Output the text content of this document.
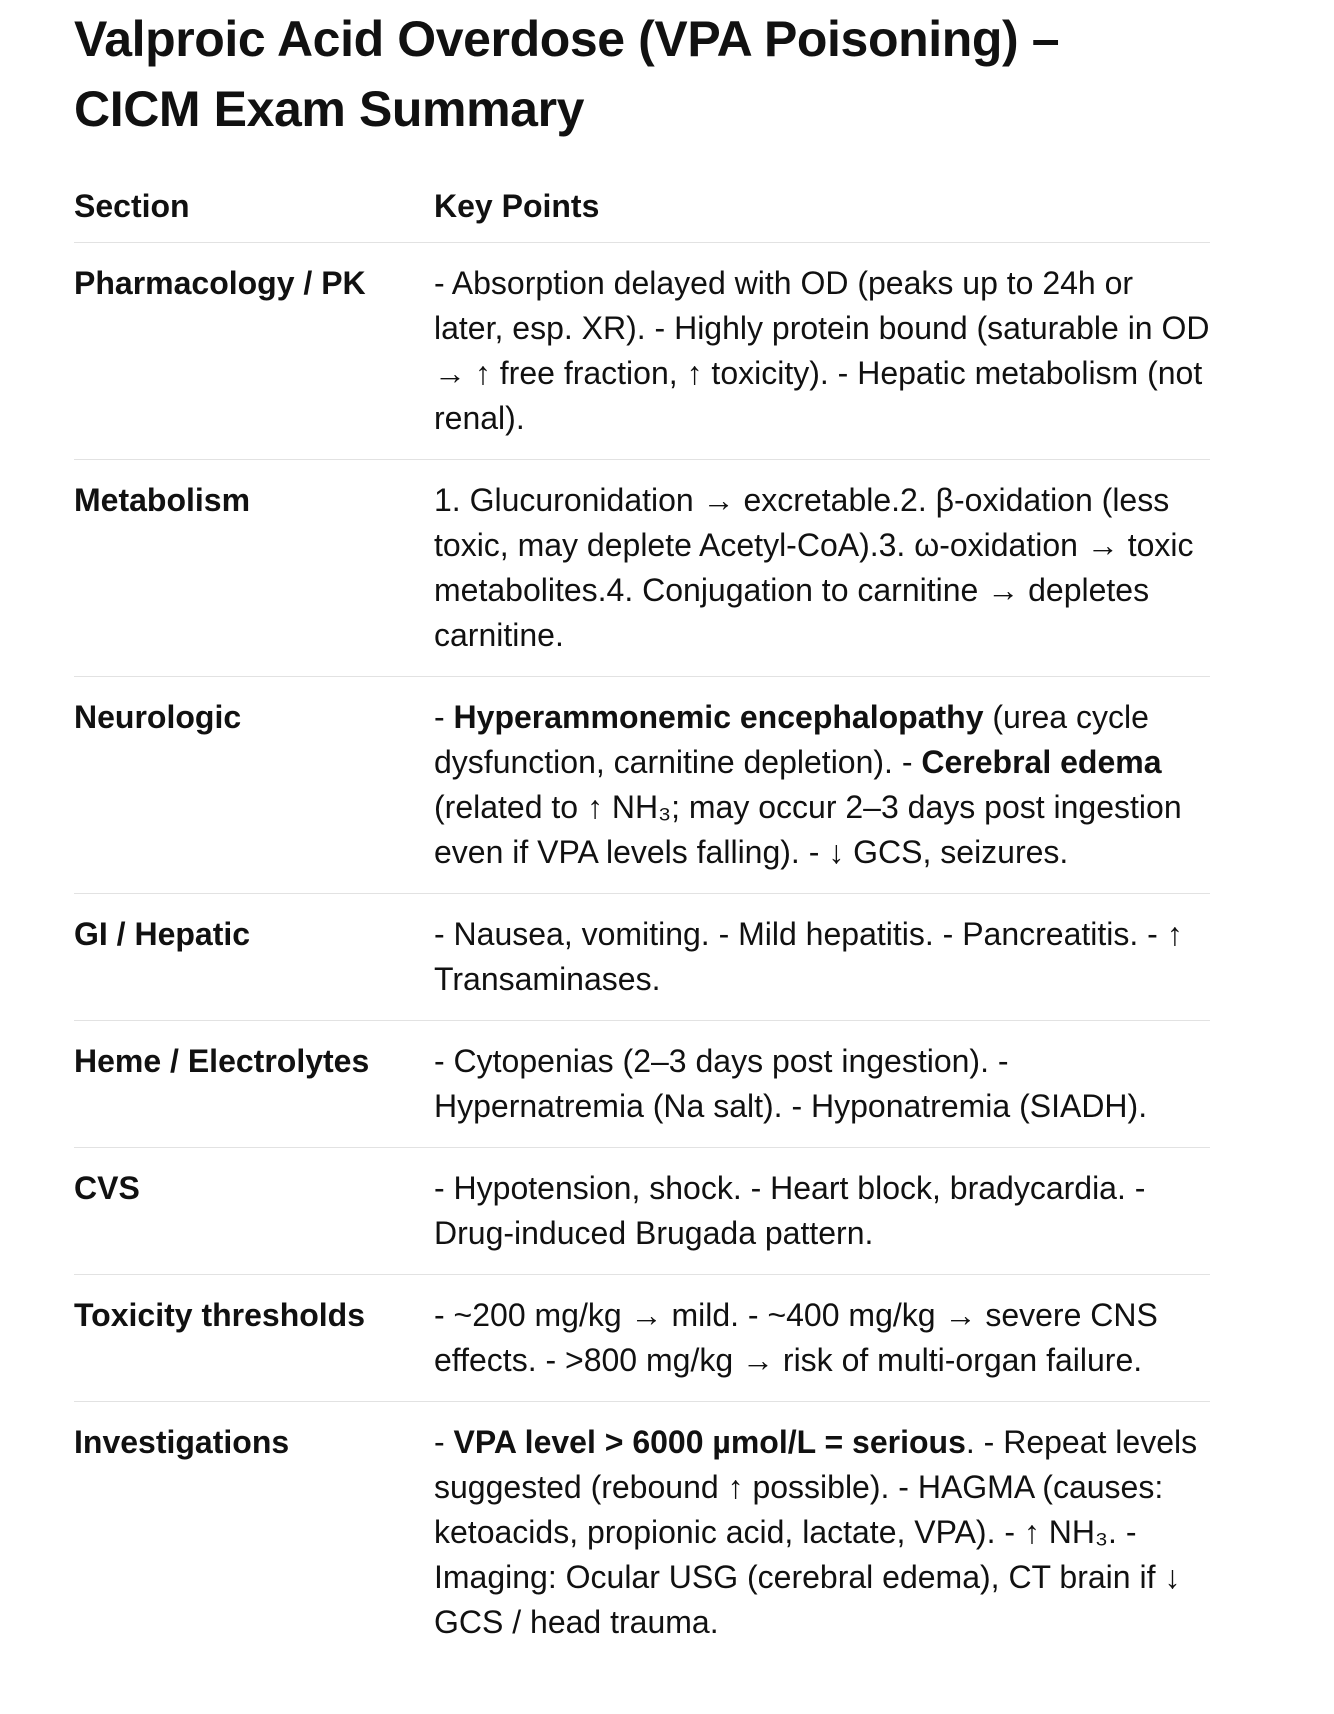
Valproic Acid Overdose (VPA Poisoning) – CICM Exam Summary
Section	Key Points
Pharmacology / PK	- Absorption delayed with OD (peaks up to 24h or later, esp. XR). - Highly protein bound (saturable in OD → ↑ free fraction, ↑ toxicity). - Hepatic metabolism (not renal).
Metabolism	1. Glucuronidation → excretable.2. β-oxidation (less toxic, may deplete Acetyl-CoA).3. ω-oxidation → toxic metabolites.4. Conjugation to carnitine → depletes carnitine.
Neurologic	- Hyperammonemic encephalopathy (urea cycle dysfunction, carnitine depletion). - Cerebral edema (related to ↑ NH₃; may occur 2–3 days post ingestion even if VPA levels falling). - ↓ GCS, seizures.
GI / Hepatic	- Nausea, vomiting. - Mild hepatitis. - Pancreatitis. - ↑ Transaminases.
Heme / Electrolytes	- Cytopenias (2–3 days post ingestion). - Hypernatremia (Na salt). - Hyponatremia (SIADH).
CVS	- Hypotension, shock. - Heart block, bradycardia. - Drug-induced Brugada pattern.
Toxicity thresholds	- ~200 mg/kg → mild. - ~400 mg/kg → severe CNS effects. - >800 mg/kg → risk of multi-organ failure.
Investigations	- VPA level > 6000 µmol/L = serious. - Repeat levels suggested (rebound ↑ possible). - HAGMA (causes: ketoacids, propionic acid, lactate, VPA). - ↑ NH₃. - Imaging: Ocular USG (cerebral edema), CT brain if ↓ GCS / head trauma.
